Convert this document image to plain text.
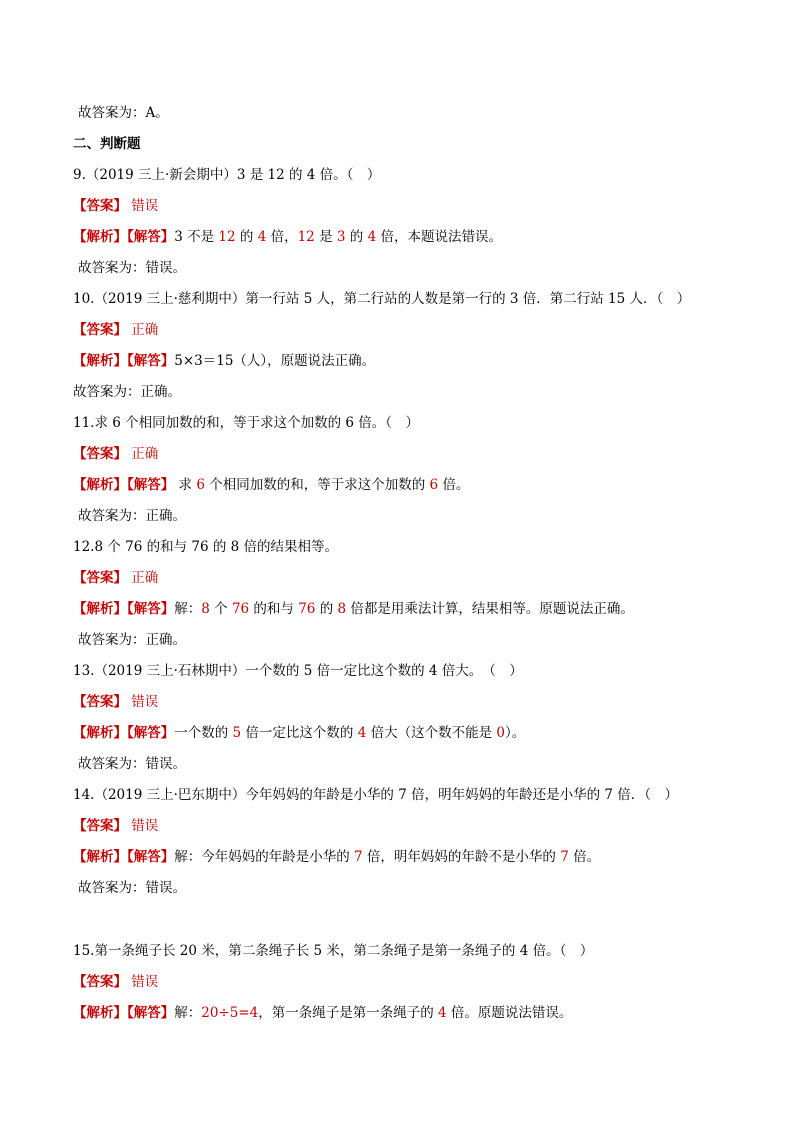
故答案为：A。
二、判断题
9.（2019 三上·新会期中）3 是 12 的 4 倍。（　）
【答案】 错误
【解析】【解答】3 不是 12 的 4 倍，12 是 3 的 4 倍，本题说法错误。
故答案为：错误。
10.（2019 三上·慈利期中）第一行站 5 人，第二行站的人数是第一行的 3 倍．第二行站 15 人．（　）
【答案】 正确
【解析】【解答】5×3＝15（人），原题说法正确。
故答案为：正确。
11.求 6 个相同加数的和，等于求这个加数的 6 倍。（　）
【答案】 正确
【解析】【解答】 求 6 个相同加数的和，等于求这个加数的 6 倍。
故答案为：正确。
12.8 个 76 的和与 76 的 8 倍的结果相等。
【答案】 正确
【解析】【解答】解：8 个 76 的和与 76 的 8 倍都是用乘法计算，结果相等。原题说法正确。
故答案为：正确。
13.（2019 三上·石林期中）一个数的 5 倍一定比这个数的 4 倍大。　（　）
【答案】 错误
【解析】【解答】一个数的 5 倍一定比这个数的 4 倍大（这个数不能是 0）。
故答案为：错误。
14.（2019 三上·巴东期中）今年妈妈的年龄是小华的 7 倍，明年妈妈的年龄还是小华的 7 倍．（　）
【答案】 错误
【解析】【解答】解：今年妈妈的年龄是小华的 7 倍，明年妈妈的年龄不是小华的 7 倍。
故答案为：错误。
15.第一条绳子长 20 米，第二条绳子长 5 米，第二条绳子是第一条绳子的 4 倍。（　）
【答案】 错误
【解析】【解答】解：20÷5=4，第一条绳子是第一条绳子的 4 倍。原题说法错误。
